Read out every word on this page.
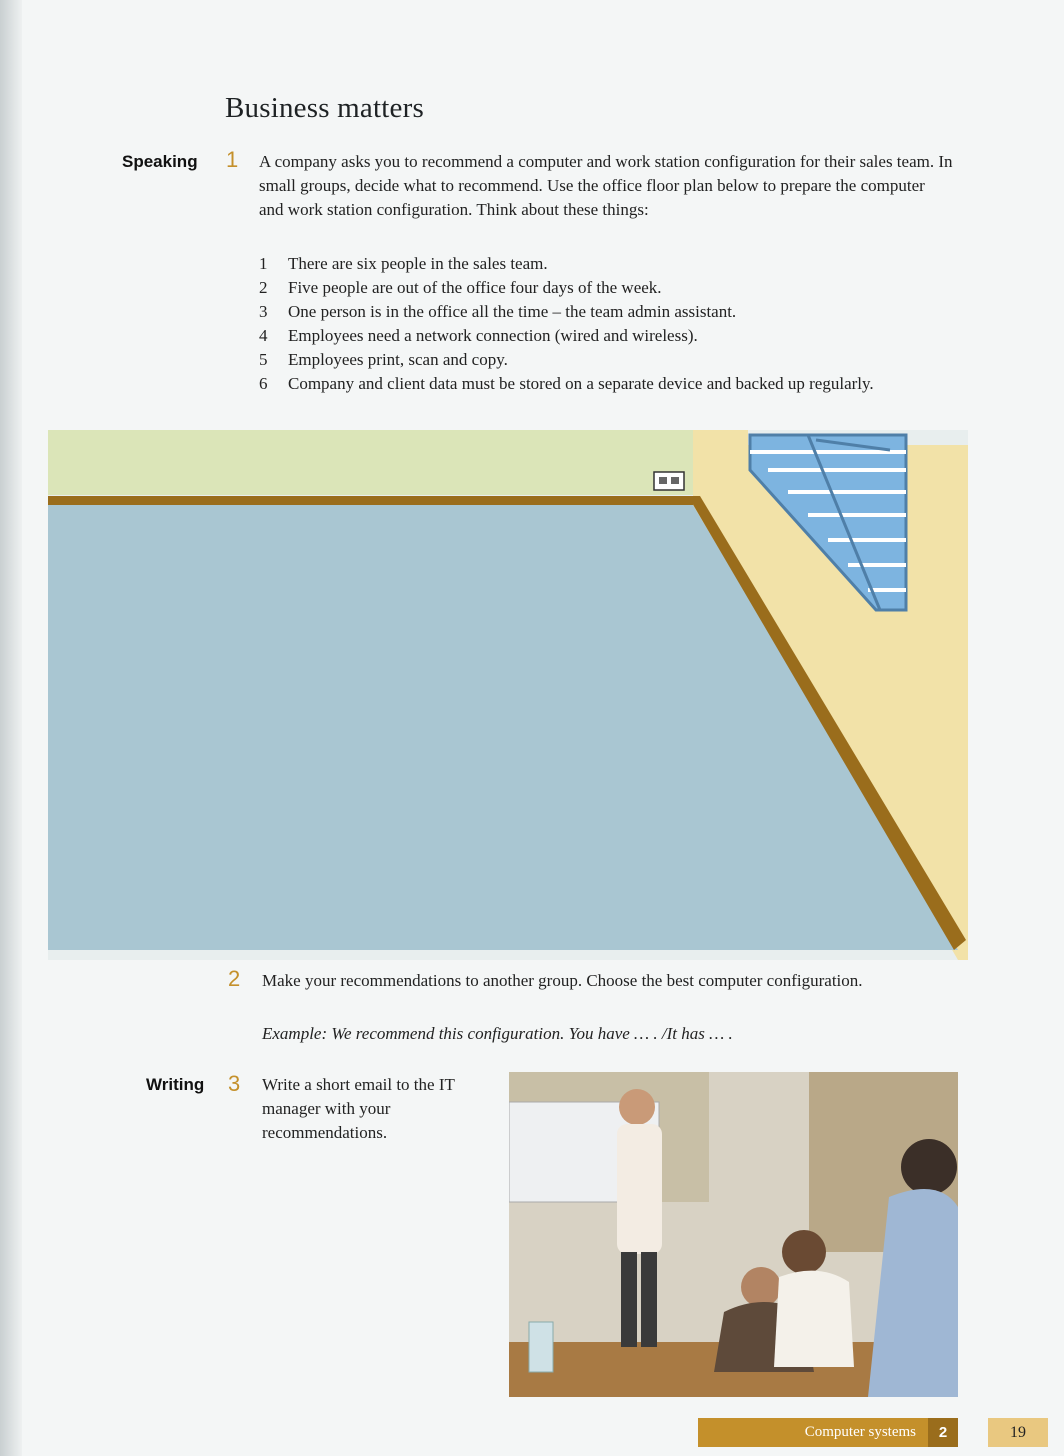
Business matters
Speaking 1 A company asks you to recommend a computer and work station configuration for their sales team. In small groups, decide what to recommend. Use the office floor plan below to prepare the computer and work station configuration. Think about these things:
1	There are six people in the sales team.
2	Five people are out of the office four days of the week.
3	One person is in the office all the time – the team admin assistant.
4	Employees need a network connection (wired and wireless).
5	Employees print, scan and copy.
6	Company and client data must be stored on a separate device and backed up regularly.
2 Make your recommendations to another group. Choose the best computer configuration.
Example: We recommend this configuration. You have … . /It has … .
Writing 3 Write a short email to the IT manager with your recommendations.
Computer systems	2	19
